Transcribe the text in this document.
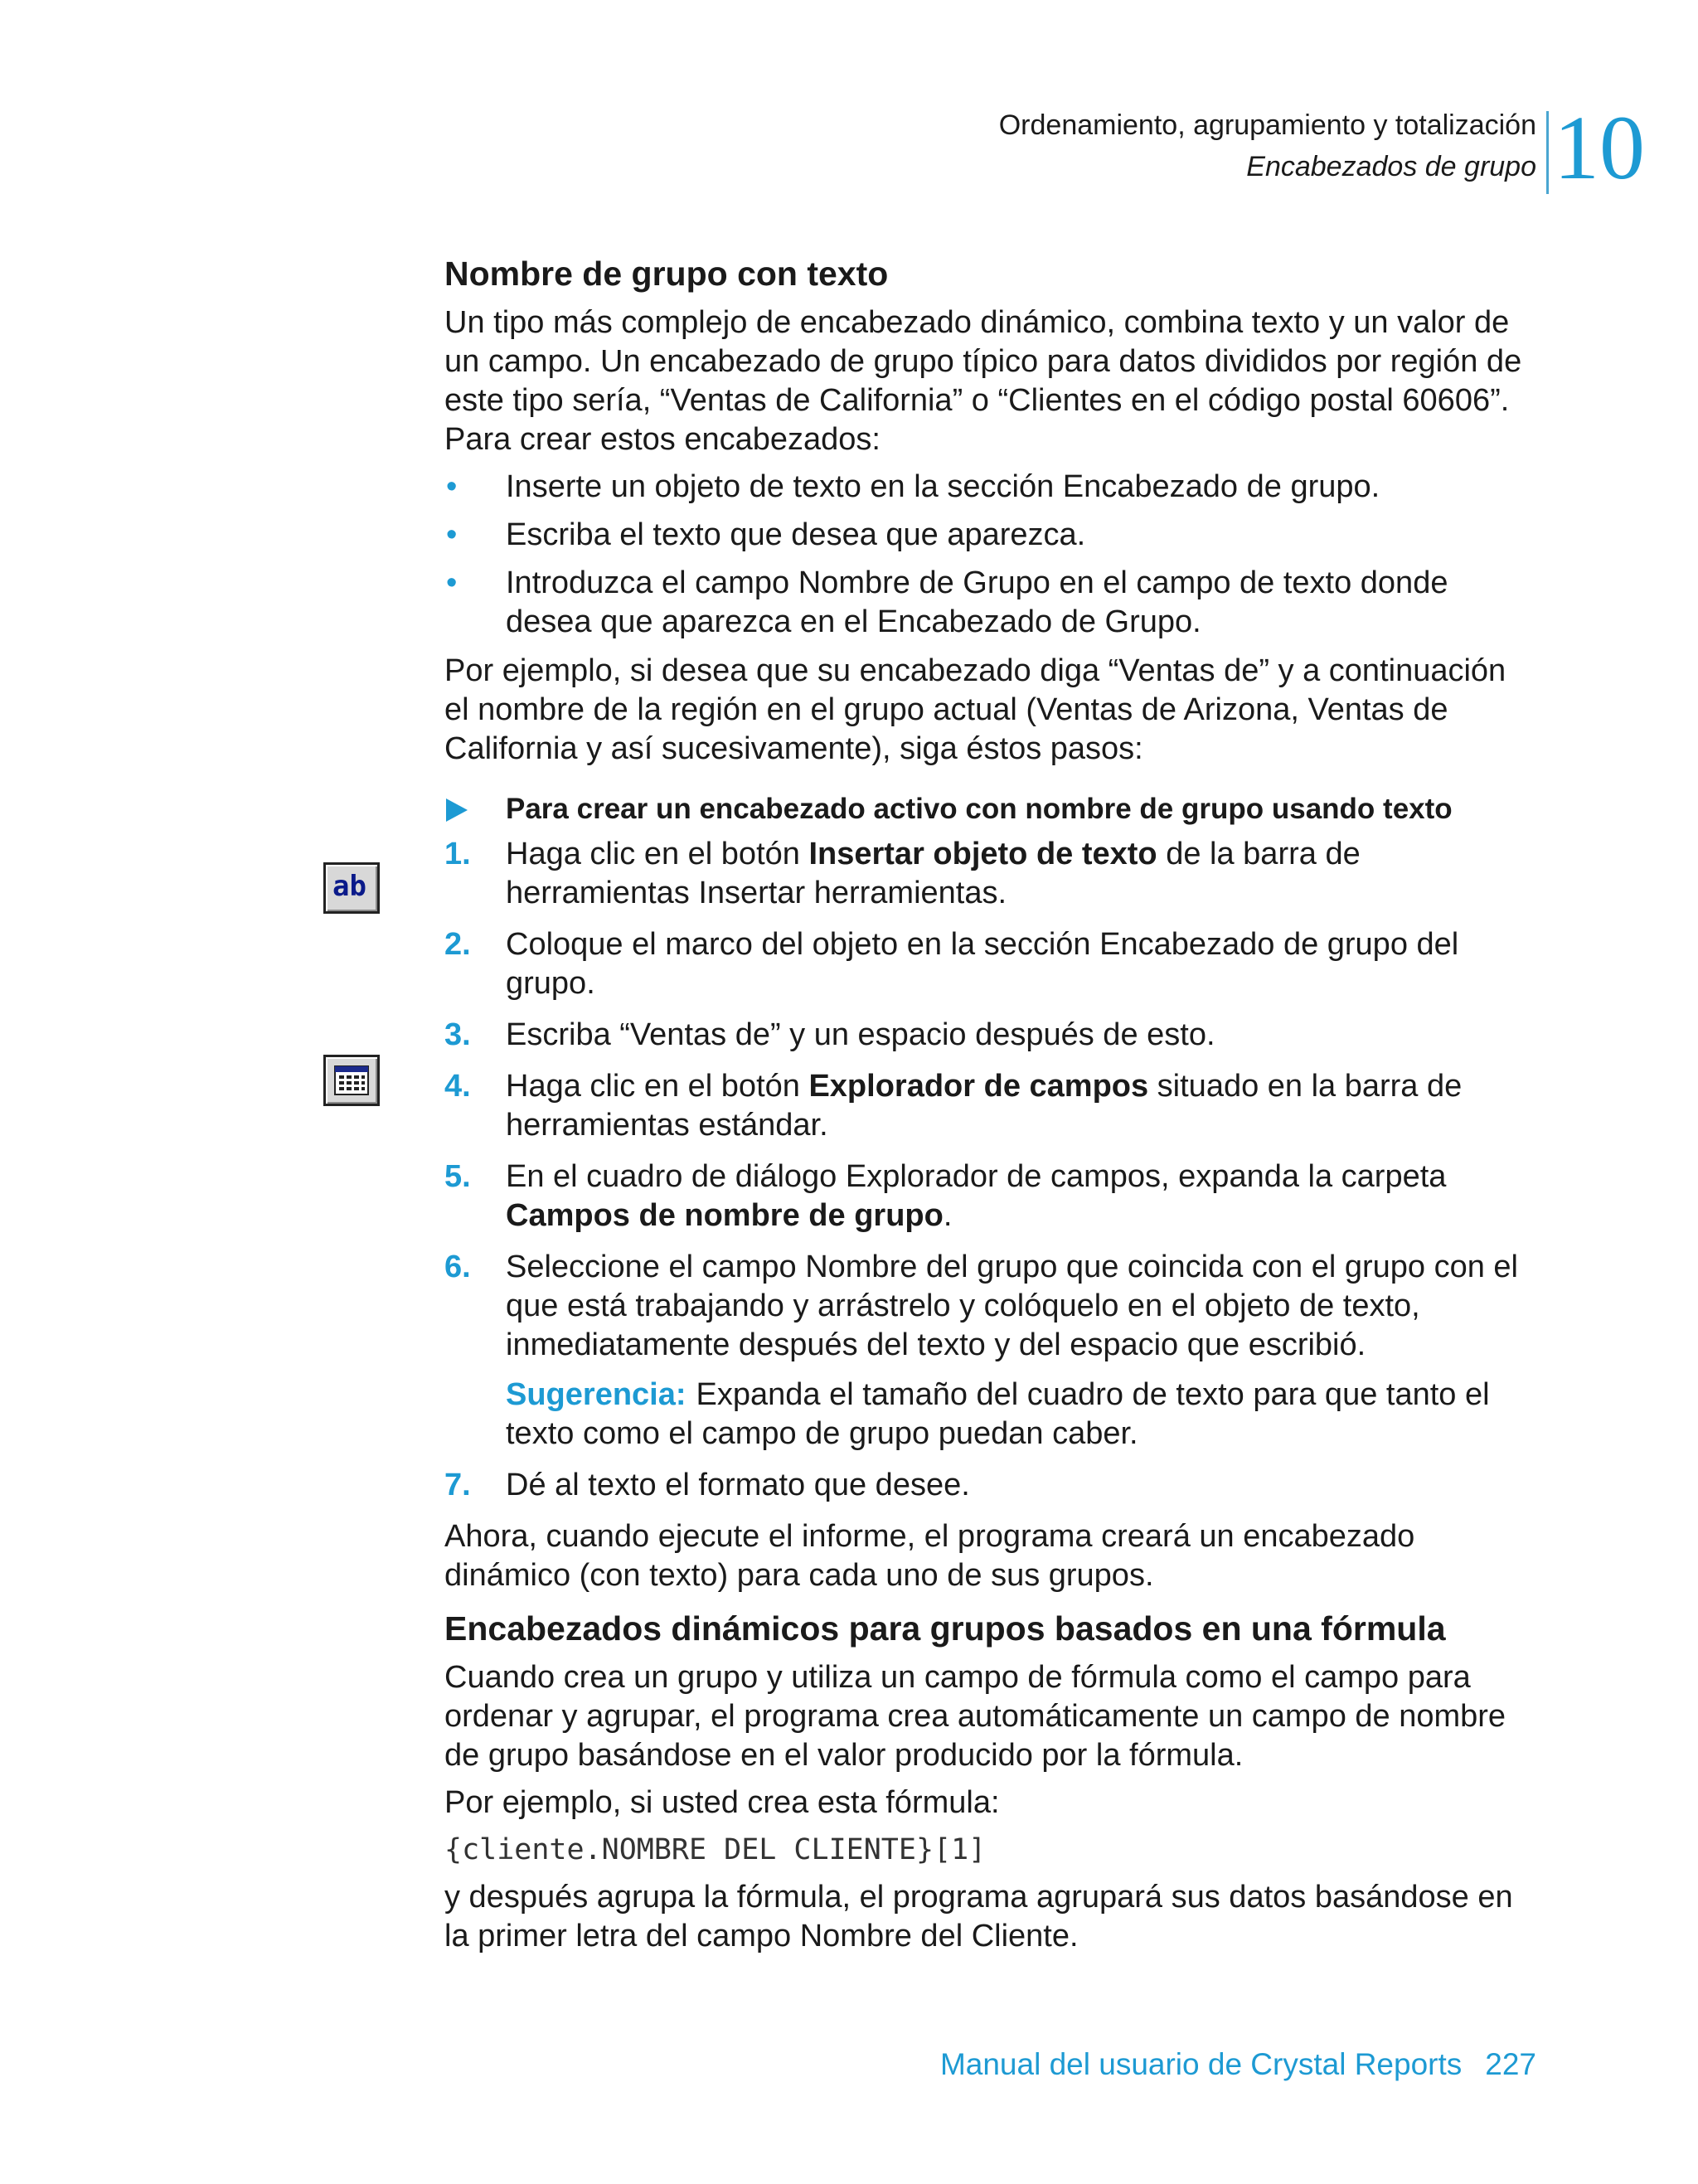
Ordenamiento, agrupamiento y totalización
Encabezados de grupo 10
ab
Nombre de grupo con texto
Un tipo más complejo de encabezado dinámico, combina texto y un valor de un campo. Un encabezado de grupo típico para datos divididos por región de este tipo sería, “Ventas de California” o “Clientes en el código postal 60606”. Para crear estos encabezados:
• Inserte un objeto de texto en la sección Encabezado de grupo.
• Escriba el texto que desea que aparezca.
• Introduzca el campo Nombre de Grupo en el campo de texto donde desea que aparezca en el Encabezado de Grupo.
Por ejemplo, si desea que su encabezado diga “Ventas de” y a continuación el nombre de la región en el grupo actual (Ventas de Arizona, Ventas de California y así sucesivamente), siga éstos pasos:
Para crear un encabezado activo con nombre de grupo usando texto
1. Haga clic en el botón Insertar objeto de texto de la barra de herramientas Insertar herramientas.
2. Coloque el marco del objeto en la sección Encabezado de grupo del grupo.
3. Escriba “Ventas de” y un espacio después de esto.
4. Haga clic en el botón Explorador de campos situado en la barra de herramientas estándar.
5. En el cuadro de diálogo Explorador de campos, expanda la carpeta Campos de nombre de grupo.
6. Seleccione el campo Nombre del grupo que coincida con el grupo con el que está trabajando y arrástrelo y colóquelo en el objeto de texto, inmediatamente después del texto y del espacio que escribió.
Sugerencia: Expanda el tamaño del cuadro de texto para que tanto el texto como el campo de grupo puedan caber.
7. Dé al texto el formato que desee.
Ahora, cuando ejecute el informe, el programa creará un encabezado dinámico (con texto) para cada uno de sus grupos.
Encabezados dinámicos para grupos basados en una fórmula
Cuando crea un grupo y utiliza un campo de fórmula como el campo para ordenar y agrupar, el programa crea automáticamente un campo de nombre de grupo basándose en el valor producido por la fórmula.
Por ejemplo, si usted crea esta fórmula:
{cliente.NOMBRE DEL CLIENTE}[1]
y después agrupa la fórmula, el programa agrupará sus datos basándose en la primer letra del campo Nombre del Cliente.
Manual del usuario de Crystal Reports 227
